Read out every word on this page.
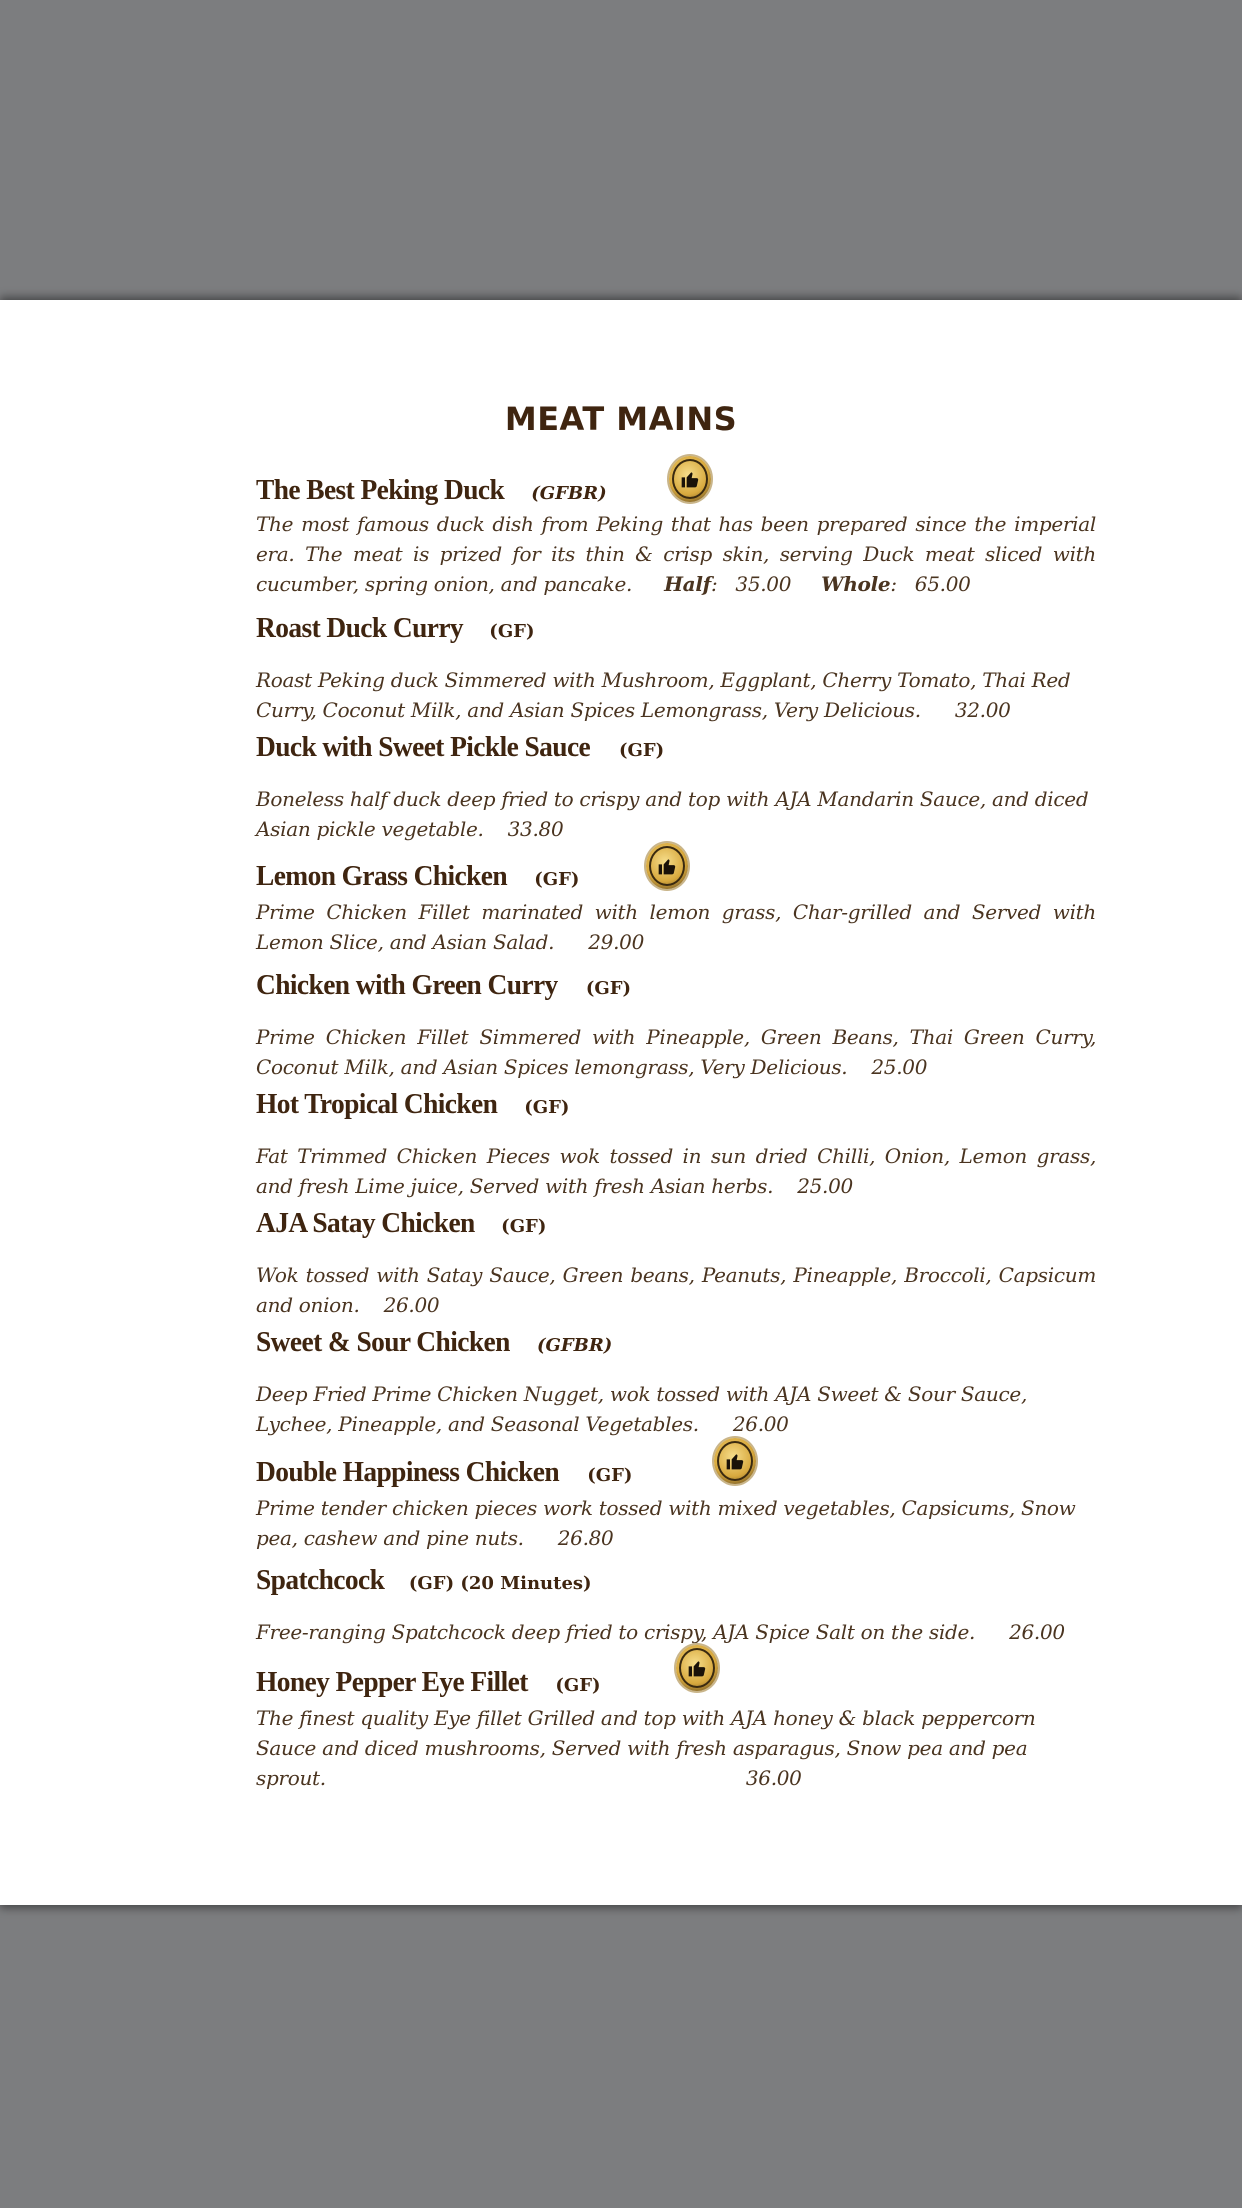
MEAT MAINS
The Best Peking Duck (GFBR)
The most famous duck dish from Peking that has been prepared since the imperial era. The meat is prized for its thin & crisp skin, serving Duck meat sliced with cucumber, spring onion, and pancake. Half: 35.00 Whole: 65.00
Roast Duck Curry (GF)
Roast Peking duck Simmered with Mushroom, Eggplant, Cherry Tomato, Thai Red Curry, Coconut Milk, and Asian Spices Lemongrass, Very Delicious. 32.00
Duck with Sweet Pickle Sauce (GF)
Boneless half duck deep fried to crispy and top with AJA Mandarin Sauce, and diced Asian pickle vegetable. 33.80
Lemon Grass Chicken (GF)
Prime Chicken Fillet marinated with lemon grass, Char-grilled and Served with Lemon Slice, and Asian Salad. 29.00
Chicken with Green Curry (GF)
Prime Chicken Fillet Simmered with Pineapple, Green Beans, Thai Green Curry, Coconut Milk, and Asian Spices lemongrass, Very Delicious. 25.00
Hot Tropical Chicken (GF)
Fat Trimmed Chicken Pieces wok tossed in sun dried Chilli, Onion, Lemon grass, and fresh Lime juice, Served with fresh Asian herbs. 25.00
AJA Satay Chicken (GF)
Wok tossed with Satay Sauce, Green beans, Peanuts, Pineapple, Broccoli, Capsicum and onion. 26.00
Sweet & Sour Chicken (GFBR)
Deep Fried Prime Chicken Nugget, wok tossed with AJA Sweet & Sour Sauce, Lychee, Pineapple, and Seasonal Vegetables. 26.00
Double Happiness Chicken (GF)
Prime tender chicken pieces work tossed with mixed vegetables, Capsicums, Snow pea, cashew and pine nuts. 26.80
Spatchcock (GF) (20 Minutes)
Free-ranging Spatchcock deep fried to crispy, AJA Spice Salt on the side. 26.00
Honey Pepper Eye Fillet (GF)
The finest quality Eye fillet Grilled and top with AJA honey & black peppercorn Sauce and diced mushrooms, Served with fresh asparagus, Snow pea and pea sprout.	36.00
